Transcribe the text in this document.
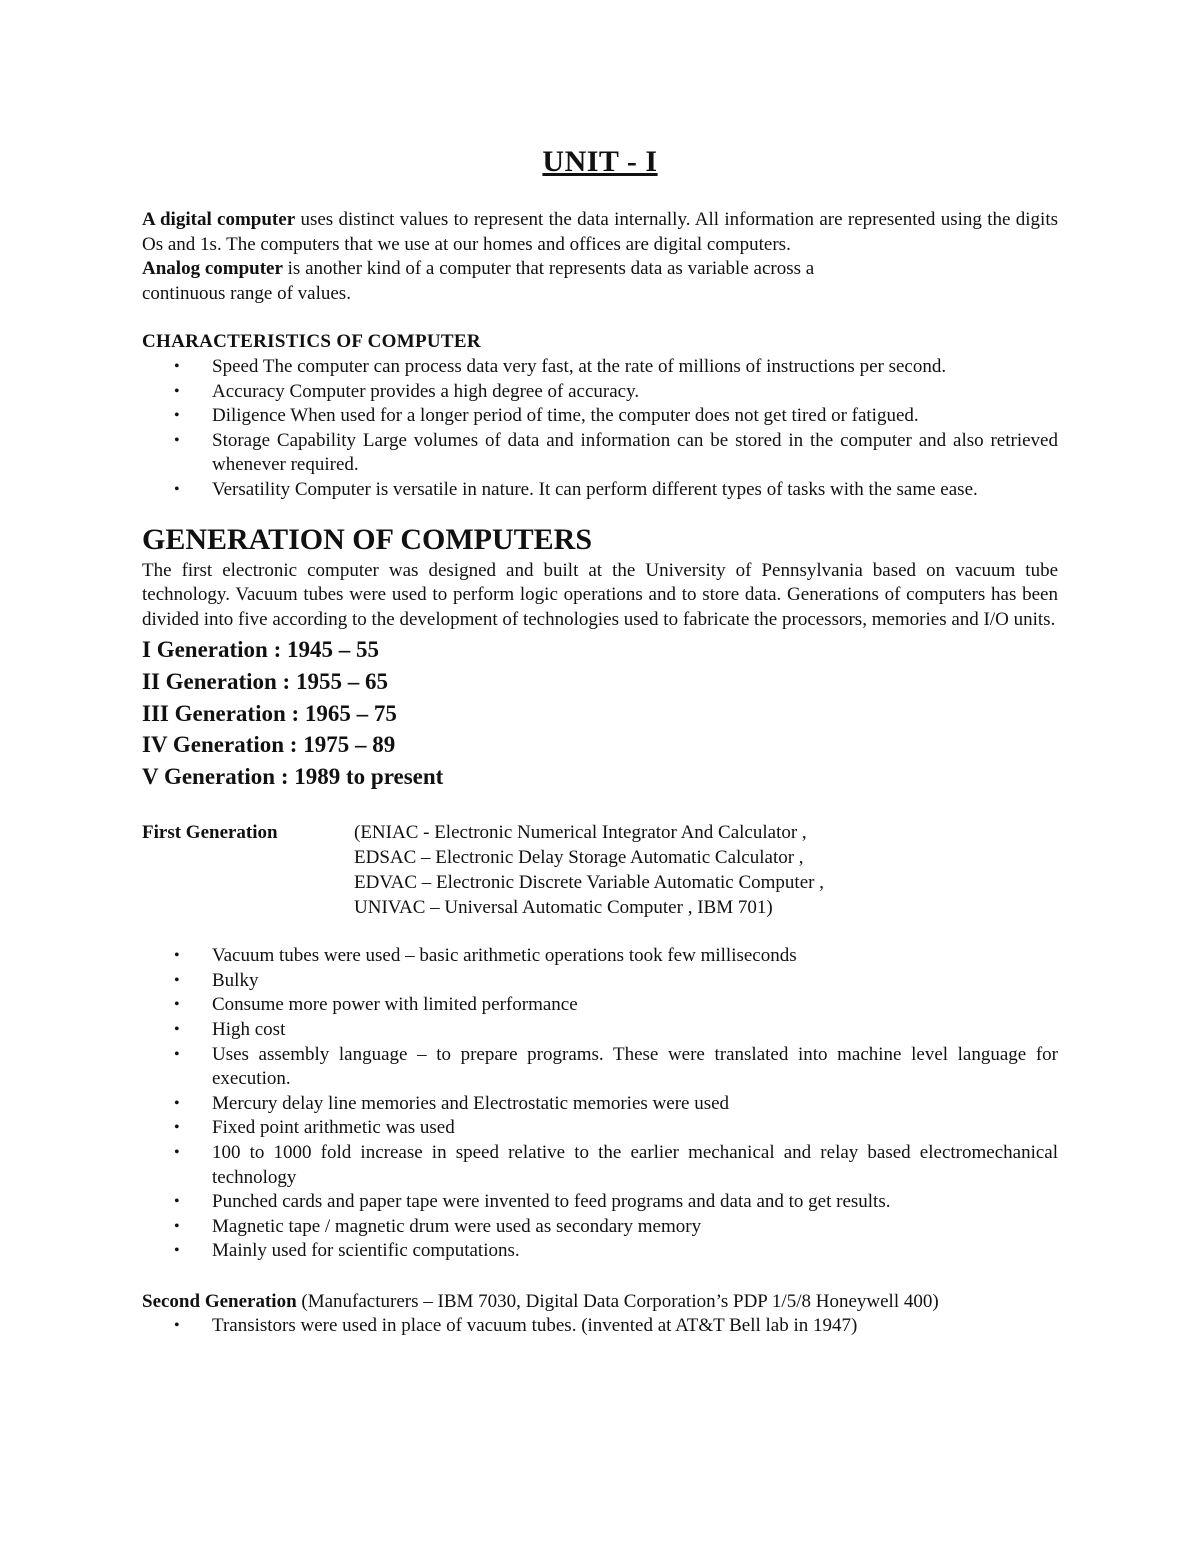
UNIT - I

A digital computer uses distinct values to represent the data internally. All information are represented using the digits Os and 1s. The computers that we use at our homes and offices are digital computers.

Analog computer is another kind of a computer that represents data as variable across a

continuous range of values.

CHARACTERISTICS OF COMPUTER
• Speed The computer can process data very fast, at the rate of millions of instructions per second.
• Accuracy Computer provides a high degree of accuracy.
• Diligence When used for a longer period of time, the computer does not get tired or fatigued.
• Storage Capability Large volumes of data and information can be stored in the computer and also retrieved whenever required.
• Versatility Computer is versatile in nature. It can perform different types of tasks with the same ease.
GENERATION OF COMPUTERS

The first electronic computer was designed and built at the University of Pennsylvania based on vacuum tube technology. Vacuum tubes were used to perform logic operations and to store data. Generations of computers has been divided into five according to the development of technologies used to fabricate the processors, memories and I/O units.

I Generation : 1945 – 55
II Generation : 1955 – 65
III Generation : 1965 – 75
IV Generation : 1975 – 89
V Generation : 1989 to present
First Generation	(ENIAC - Electronic Numerical Integrator And Calculator ,
EDSAC – Electronic Delay Storage Automatic Calculator ,
EDVAC – Electronic Discrete Variable Automatic Computer ,
UNIVAC – Universal Automatic Computer , IBM 701)
• Vacuum tubes were used – basic arithmetic operations took few milliseconds
• Bulky
• Consume more power with limited performance
• High cost
• Uses assembly language – to prepare programs. These were translated into machine level language for execution.
• Mercury delay line memories and Electrostatic memories were used
• Fixed point arithmetic was used
• 100 to 1000 fold increase in speed relative to the earlier mechanical and relay based electromechanical technology
• Punched cards and paper tape were invented to feed programs and data and to get results.
• Magnetic tape / magnetic drum were used as secondary memory
• Mainly used for scientific computations.

Second Generation (Manufacturers – IBM 7030, Digital Data Corporation’s PDP 1/5/8 Honeywell 400)

• Transistors were used in place of vacuum tubes. (invented at AT&T Bell lab in 1947)
